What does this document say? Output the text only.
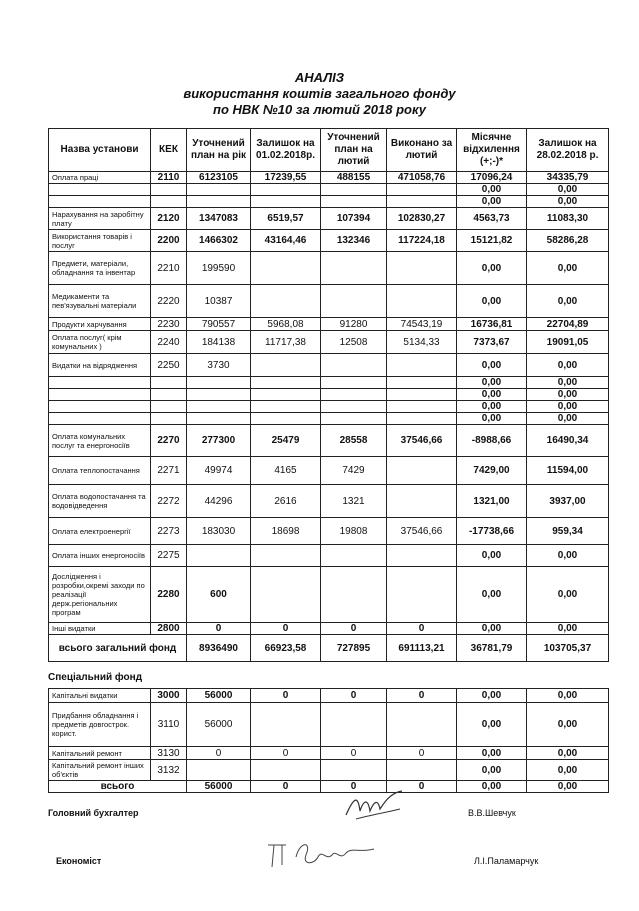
АНАЛІЗ
використання коштів загального фонду
по НВК №10 за лютий 2018 року
Назва установи	КЕК	Уточнений план на рік	Залишок на 01.02.2018р.	Уточнений план на лютий	Виконано за лютий	Місячне відхилення (+;-)*	Залишок на 28.02.2018 р.
Оплата праці	2110	6123105	17239,55	488155	471058,76	17096,24	34335,79
						0,00	0,00
						0,00	0,00
Нарахування на заробітну плату	2120	1347083	6519,57	107394	102830,27	4563,73	11083,30
Використання товарів і послуг	2200	1466302	43164,46	132346	117224,18	15121,82	58286,28
Предмети, матеріали, обладнання та інвентар	2210	199590				0,00	0,00
Медикаменти та пев'язувальні матеріали	2220	10387				0,00	0,00
Продукти харчування	2230	790557	5968,08	91280	74543,19	16736,81	22704,89
Оплата послуг( крім комунальних )	2240	184138	11717,38	12508	5134,33	7373,67	19091,05
Видатки на відрядження	2250	3730				0,00	0,00
						0,00	0,00
						0,00	0,00
						0,00	0,00
						0,00	0,00
Оплата комунальних послуг та енергоносіїв	2270	277300	25479	28558	37546,66	-8988,66	16490,34
Оплата теплопостачання	2271	49974	4165	7429		7429,00	11594,00
Оплата водопостачання та водовідведення	2272	44296	2616	1321		1321,00	3937,00
Оплата електроенергії	2273	183030	18698	19808	37546,66	-17738,66	959,34
Оплата інших енергоносіїв	2275					0,00	0,00
Дослідження і розробки,окремі заходи по реалізації держ.регіональних програм	2280	600				0,00	0,00
Інші видатки	2800	0	0	0	0	0,00	0,00
всього загальний фонд		8936490	66923,58	727895	691113,21	36781,79	103705,37
Спеціальний фонд
Капітальні видатки	3000	56000	0	0	0	0,00	0,00
Придбання обладнання і предметів довгострок. корист.	3110	56000				0,00	0,00
Капітальний ремонт	3130	0	0	0	0	0,00	0,00
Капітальний ремонт інших об'єктів	3132					0,00	0,00
всього		56000	0	0	0	0,00	0,00
Головний бухгалтер	В.В.Шевчук
Економіст	Л.І.Паламарчук
